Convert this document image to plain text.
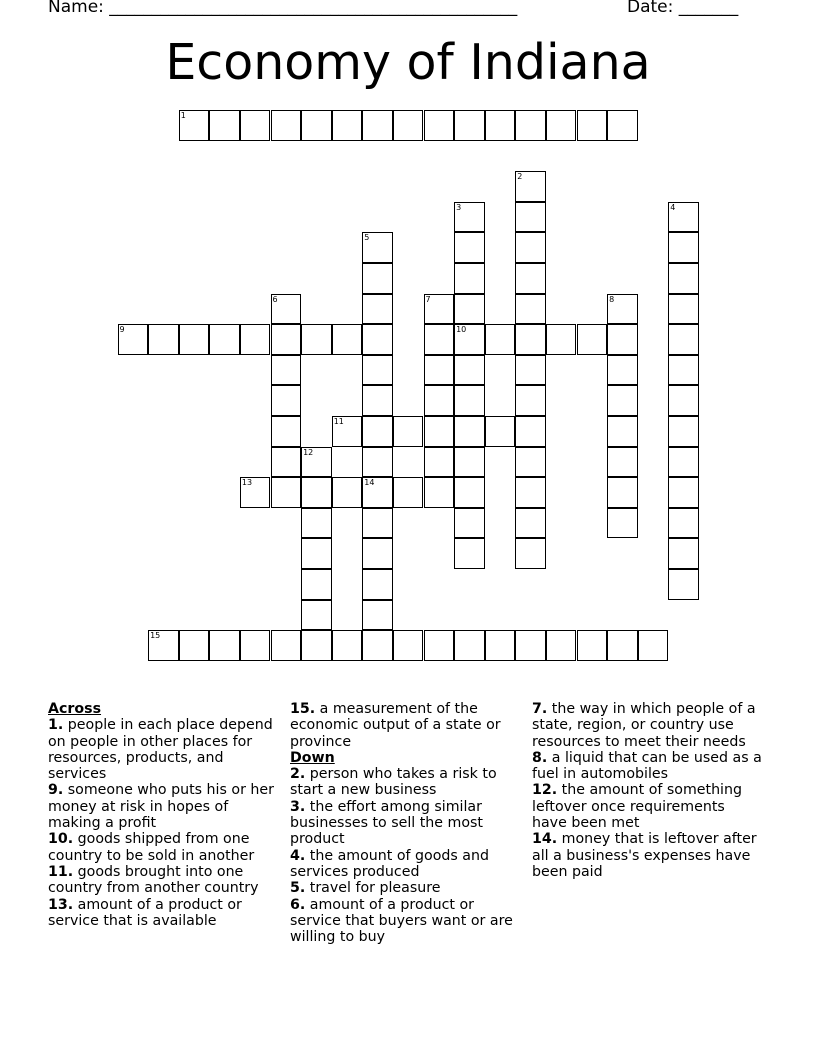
Name: ________________________________________________	Date: _______
Economy of Indiana
1
2
3
10
4
5
6	7	8
9
11
12
13	14
15
Across
1. people in each place depend on people in other places for resources, products, and services
9. someone who puts his or her money at risk in hopes of making a profit
10. goods shipped from one country to be sold in another
11. goods brought into one country from another country
13. amount of a product or service that is available
15. a measurement of the economic output of a state or province
Down
2. person who takes a risk to start a new business
3. the effort among similar businesses to sell the most product
4. the amount of goods and services produced
5. travel for pleasure
6. amount of a product or service that buyers want or are willing to buy
7. the way in which people of a state, region, or country use resources to meet their needs
8. a liquid that can be used as a fuel in automobiles
12. the amount of something leftover once requirements have been met
14. money that is leftover after all a business's expenses have been paid
